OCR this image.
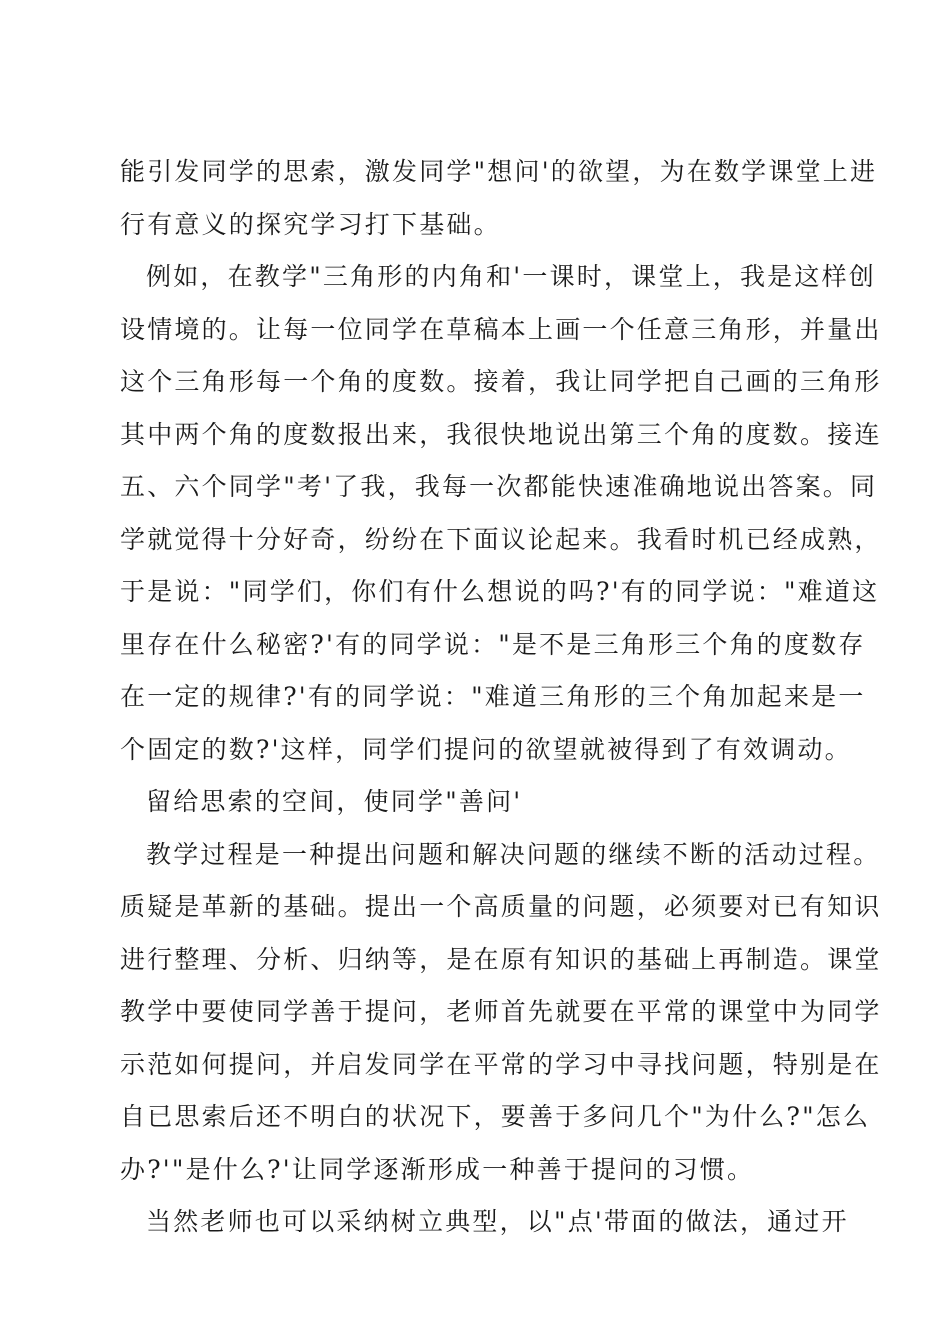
能引发同学的思索，激发同学"想问'的欲望，为在数学课堂上进
行有意义的探究学习打下基础。
例如，在教学"三角形的内角和'一课时，课堂上，我是这样创
设情境的。让每一位同学在草稿本上画一个任意三角形，并量出
这个三角形每一个角的度数。接着，我让同学把自己画的三角形
其中两个角的度数报出来，我很快地说出第三个角的度数。接连
五、六个同学"考'了我，我每一次都能快速准确地说出答案。同
学就觉得十分好奇，纷纷在下面议论起来。我看时机已经成熟，
于是说："同学们，你们有什么想说的吗?'有的同学说："难道这
里存在什么秘密?'有的同学说："是不是三角形三个角的度数存
在一定的规律?'有的同学说："难道三角形的三个角加起来是一
个固定的数?'这样，同学们提问的欲望就被得到了有效调动。
留给思索的空间，使同学"善问'
教学过程是一种提出问题和解决问题的继续不断的活动过程。
质疑是革新的基础。提出一个高质量的问题，必须要对已有知识
进行整理、分析、归纳等，是在原有知识的基础上再制造。课堂
教学中要使同学善于提问，老师首先就要在平常的课堂中为同学
示范如何提问，并启发同学在平常的学习中寻找问题，特别是在
自已思索后还不明白的状况下，要善于多问几个"为什么?"怎么
办?'"是什么?'让同学逐渐形成一种善于提问的习惯。
当然老师也可以采纳树立典型，以"点'带面的做法，通过开
